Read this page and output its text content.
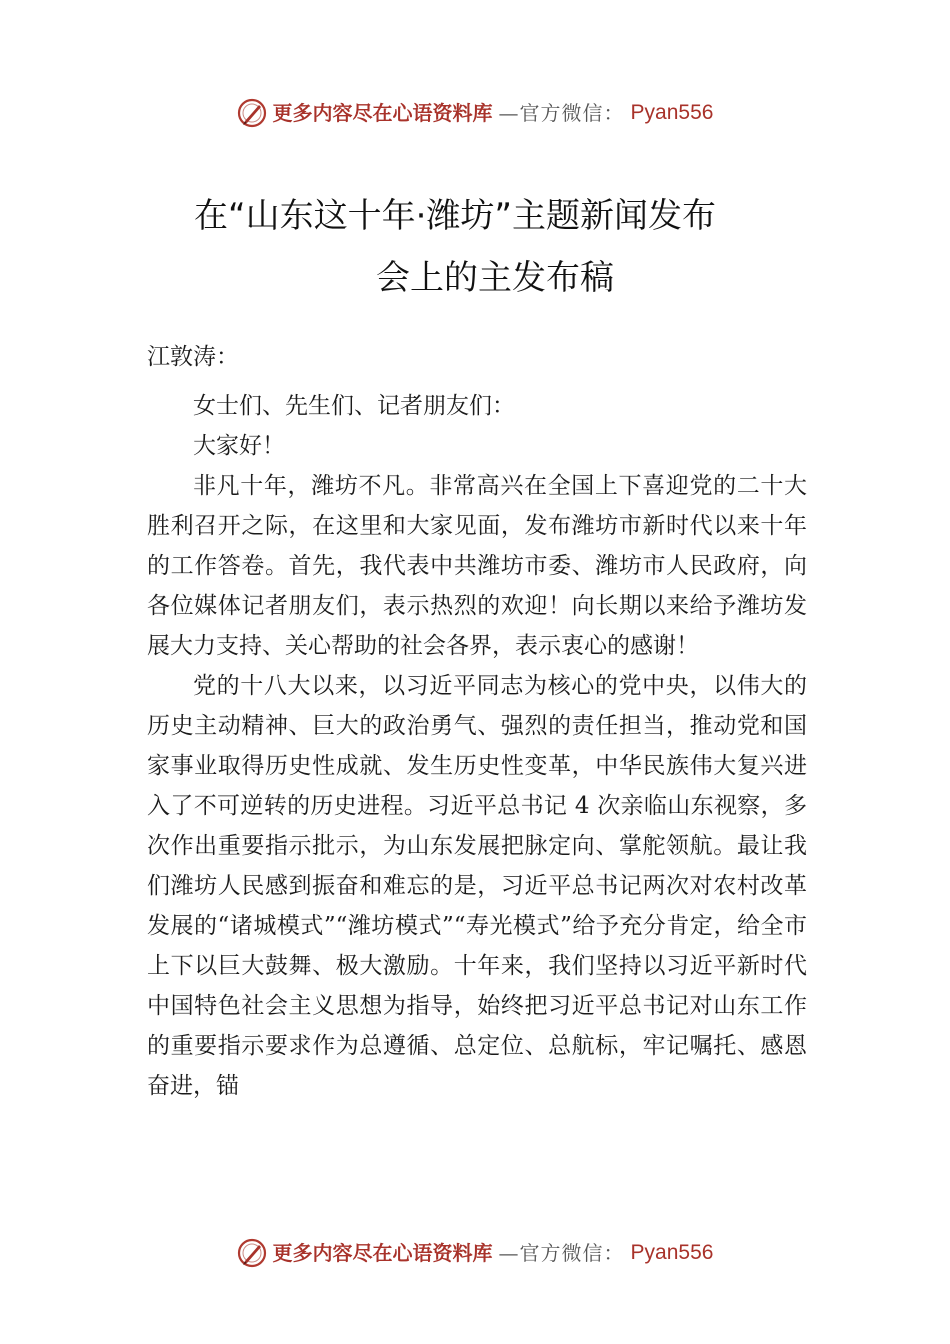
更多内容尽在心语资料库 —官方微信： Pyan556
在“山东这十年·潍坊”主题新闻发布
会上的主发布稿
江敦涛：

女士们、先生们、记者朋友们：

大家好！

非凡十年，潍坊不凡。非常高兴在全国上下喜迎党的二十大胜利召开之际，在这里和大家见面，发布潍坊市新时代以来十年的工作答卷。首先，我代表中共潍坊市委、潍坊市人民政府，向各位媒体记者朋友们，表示热烈的欢迎！向长期以来给予潍坊发展大力支持、关心帮助的社会各界，表示衷心的感谢！

党的十八大以来，以习近平同志为核心的党中央，以伟大的历史主动精神、巨大的政治勇气、强烈的责任担当，推动党和国家事业取得历史性成就、发生历史性变革，中华民族伟大复兴进入了不可逆转的历史进程。习近平总书记 4 次亲临山东视察，多次作出重要指示批示，为山东发展把脉定向、掌舵领航。最让我们潍坊人民感到振奋和难忘的是，习近平总书记两次对农村改革发展的“诸城模式”“潍坊模式”“寿光模式”给予充分肯定，给全市上下以巨大鼓舞、极大激励。十年来，我们坚持以习近平新时代中国特色社会主义思想为指导，始终把习近平总书记对山东工作的重要指示要求作为总遵循、总定位、总航标，牢记嘱托、感恩奋进，锚

更多内容尽在心语资料库 —官方微信： Pyan556
